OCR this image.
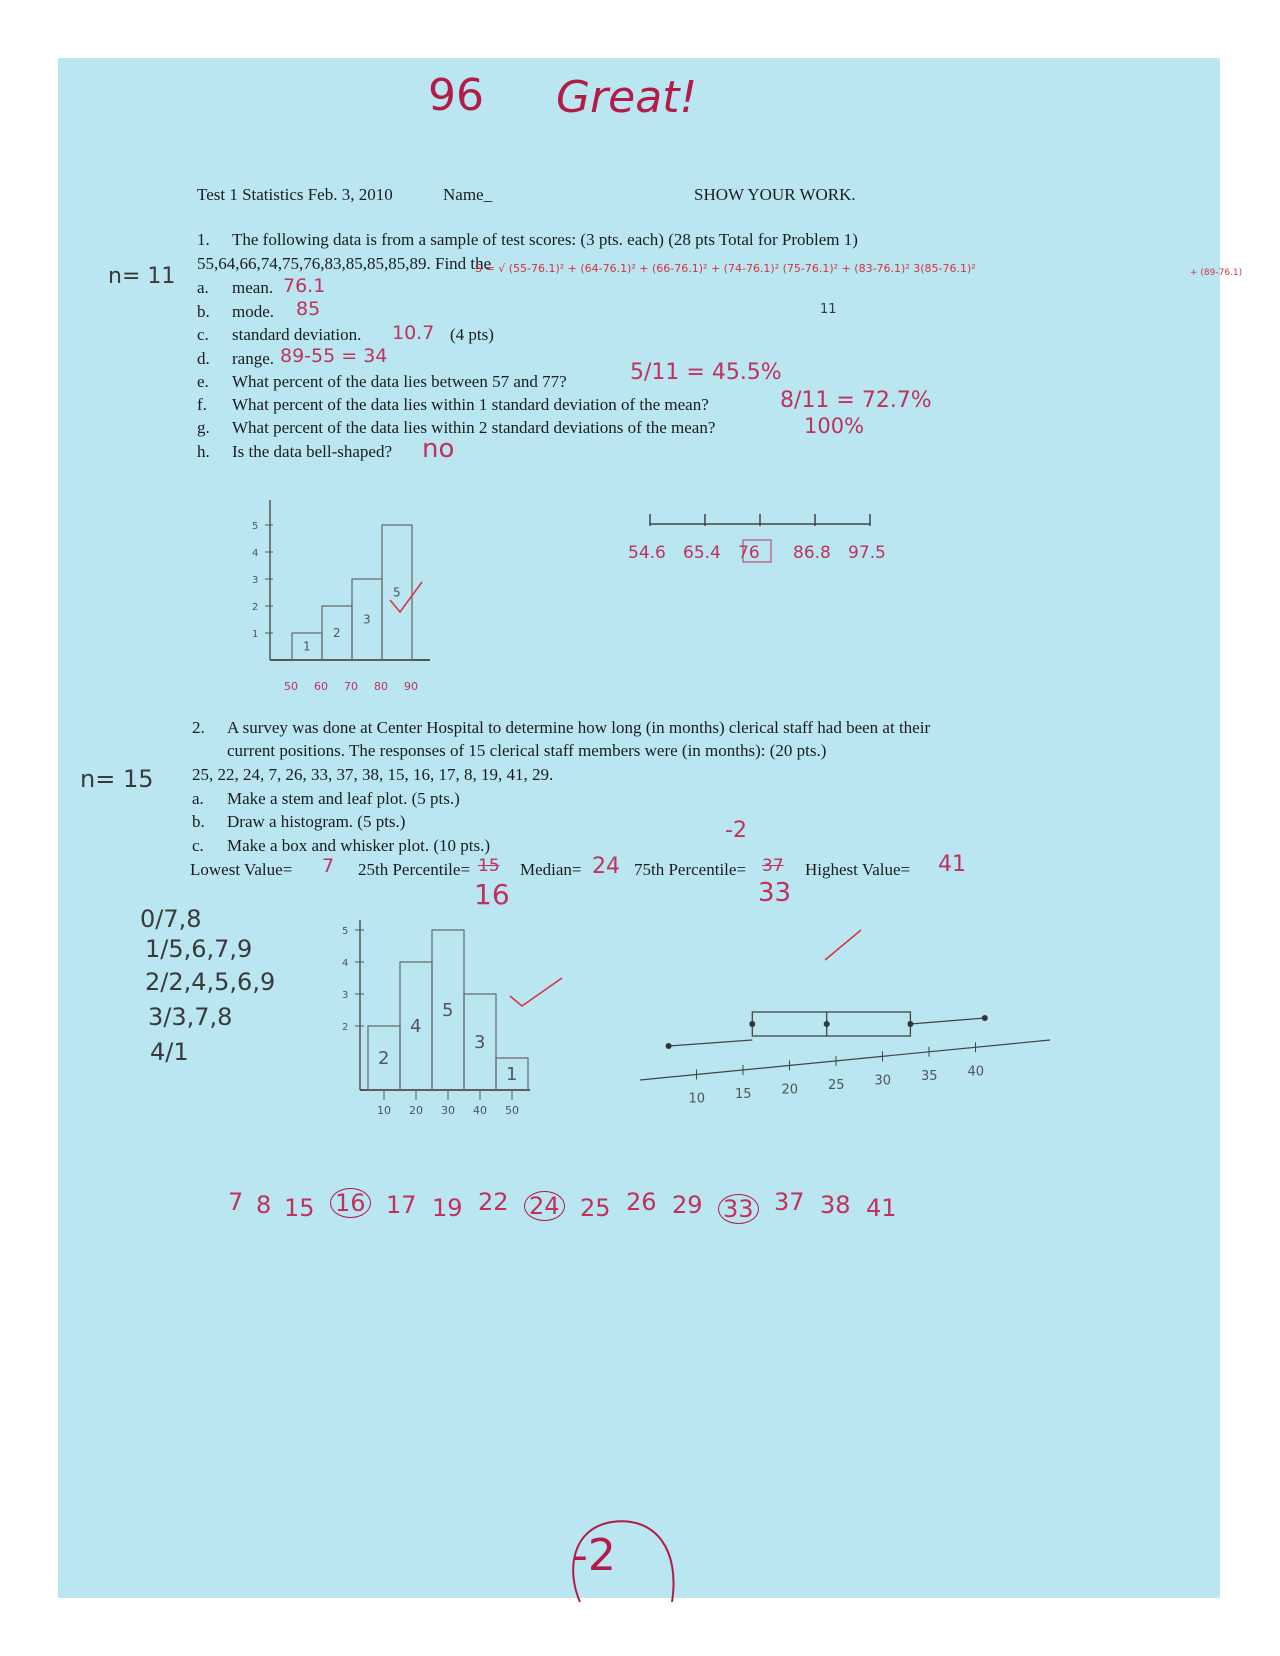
96 Great!
Test 1 Statistics Feb. 3, 2010	Name_	SHOW YOUR WORK.
n= 11
1. The following data is from a sample of test scores: (3 pts. each) (28 pts Total for Problem 1)
55,64,66,74,75,76,83,85,85,85,89. Find the
a. mean. 76.1
b. mode. 85
c. standard deviation. 10.7 (4 pts)
d. range. 89-55 = 34
e. What percent of the data lies between 57 and 77?	5/11 = 45.5%
f. What percent of the data lies within 1 standard deviation of the mean?	8/11 = 72.7%
g. What percent of the data lies within 2 standard deviations of the mean?	100%
h. Is the data bell-shaped? no
S = √ (55-76.1)² + (64-76.1)² + (66-76.1)² + (74-76.1)² (75-76.1)² + (83-76.1)² 3(85-76.1)²	+ (89-76.1)
11
5
4
3
2
1
50 60 70 80 90
1
2
3
5
54.6 65.4 76 86.8 97.5
n= 15
2. A survey was done at Center Hospital to determine how long (in months) clerical staff had been at their
current positions. The responses of 15 clerical staff members were (in months): (20 pts.)
25, 22, 24, 7, 26, 33, 37, 38, 15, 16, 17, 8, 19, 41, 29.
a. Make a stem and leaf plot. (5 pts.)
b. Draw a histogram. (5 pts.)
c. Make a box and whisker plot. (10 pts.)
-2
Lowest Value= 7 25th Percentile= 15
16
Median= 24 75th Percentile= 37
33
Highest Value= 41
0/7,8
1/5,6,7,9
2/2,4,5,6,9
3/3,7,8
4/1
5
4
3
2
10 20 30 40 50
2
4
5
3
1
10 15 20 25 30 35 40
7 8 15 16 17 19 22 24 25 26 29 33 37 38 41
-2
